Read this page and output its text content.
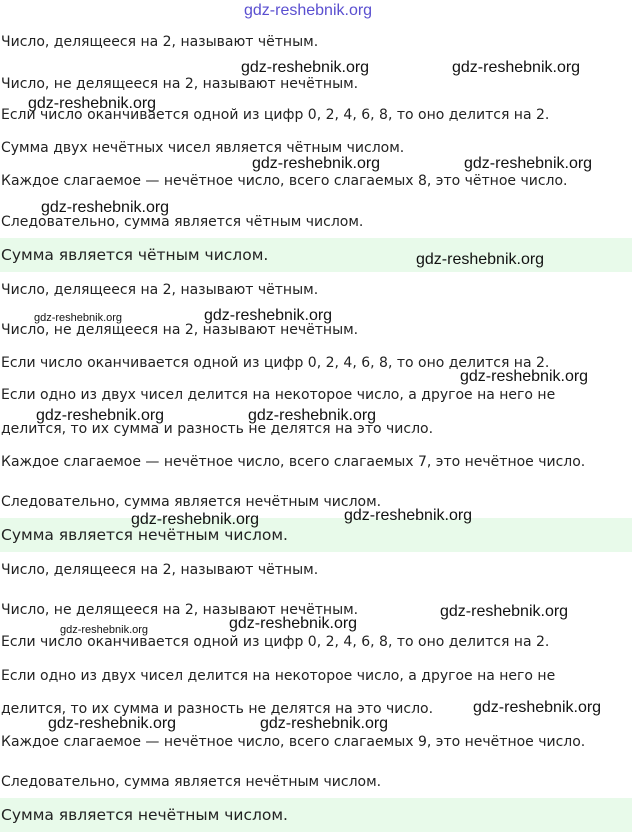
Число, делящееся на 2, называют чётным.
Число, не делящееся на 2, называют нечётным.
Если число оканчивается одной из цифр 0, 2, 4, 6, 8, то оно делится на 2.
Сумма двух нечётных чисел является чётным числом.
Каждое слагаемое — нечётное число, всего слагаемых 8, это чётное число.
Следовательно, сумма является чётным числом.
Сумма является чётным числом.
Число, делящееся на 2, называют чётным.
Число, не делящееся на 2, называют нечётным.
Если число оканчивается одной из цифр 0, 2, 4, 6, 8, то оно делится на 2.
Если одно из двух чисел делится на некоторое число, а другое на него не
делится, то их сумма и разность не делятся на это число.
Каждое слагаемое — нечётное число, всего слагаемых 7, это нечётное число.
Следовательно, сумма является нечётным числом.
Сумма является нечётным числом.
Число, делящееся на 2, называют чётным.
Число, не делящееся на 2, называют нечётным.
Если число оканчивается одной из цифр 0, 2, 4, 6, 8, то оно делится на 2.
Если одно из двух чисел делится на некоторое число, а другое на него не
делится, то их сумма и разность не делятся на это число.
Каждое слагаемое — нечётное число, всего слагаемых 9, это нечётное число.
Следовательно, сумма является нечётным числом.
Сумма является нечётным числом.
gdz-reshebnik.org
gdz-reshebnik.org	gdz-reshebnik.org
gdz-reshebnik.org
gdz-reshebnik.org	gdz-reshebnik.org
gdz-reshebnik.org
gdz-reshebnik.org
gdz-reshebnik.org	gdz-reshebnik.org
gdz-reshebnik.org
gdz-reshebnik.org	gdz-reshebnik.org
gdz-reshebnik.org	gdz-reshebnik.org
gdz-reshebnik.org
gdz-reshebnik.org	gdz-reshebnik.org
gdz-reshebnik.org
gdz-reshebnik.org	gdz-reshebnik.org
